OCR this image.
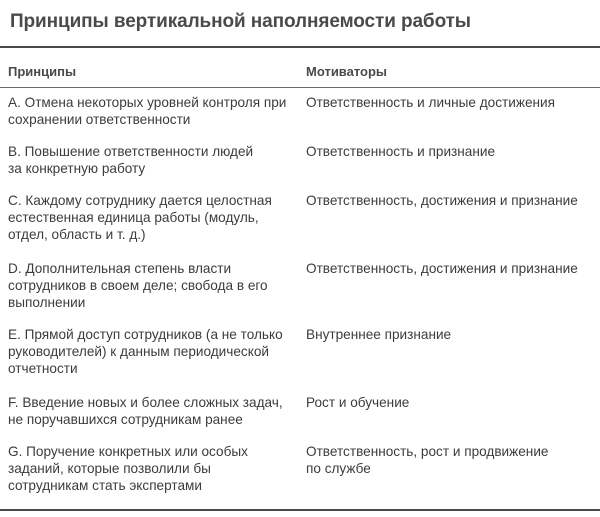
Принципы вертикальной наполняемости работы
Принципы	Мотиваторы
A. Отмена некоторых уровней контроля при
сохранении ответственности
Ответственность и личные достижения
B. Повышение ответственности людей
за конкретную работу
Ответственность и признание
C. Каждому сотруднику дается целостная
естественная единица работы (модуль,
отдел, область и т. д.)
Ответственность, достижения и признание
D. Дополнительная степень власти
сотрудников в своем деле; свобода в его
выполнении
Ответственность, достижения и признание
E. Прямой доступ сотрудников (а не только
руководителей) к данным периодической
отчетности
Внутреннее признание
F. Введение новых и более сложных задач,
не поручавшихся сотрудникам ранее
Рост и обучение
G. Поручение конкретных или особых
заданий, которые позволили бы
сотрудникам стать экспертами
Ответственность, рост и продвижение
по службе
